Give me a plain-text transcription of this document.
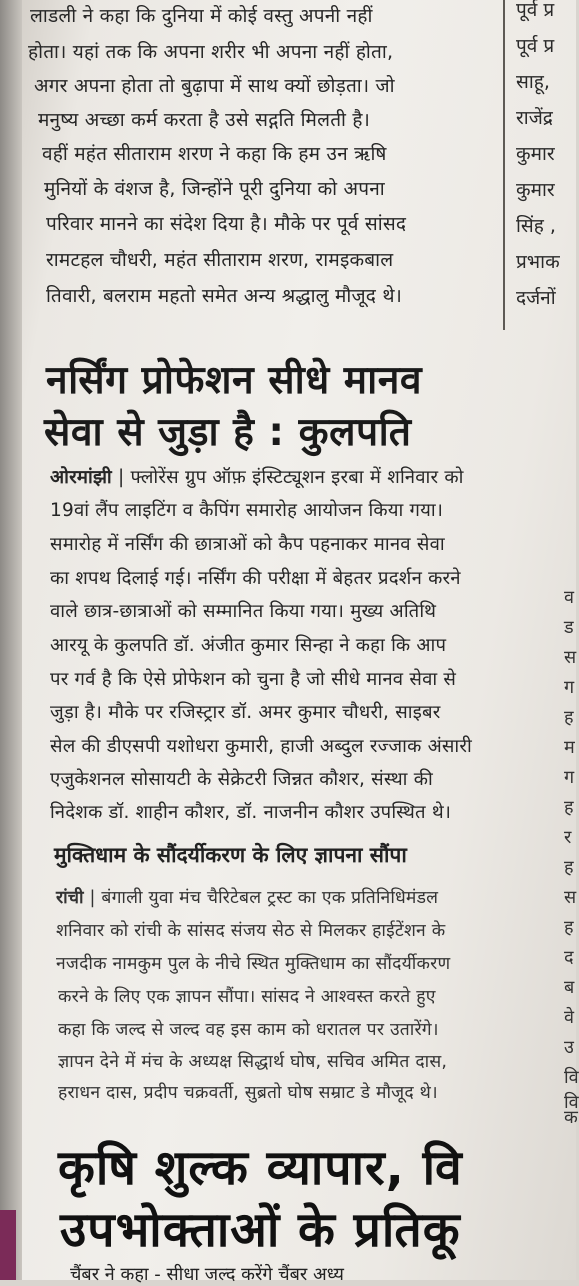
लाडली ने कहा कि दुनिया में कोई वस्तु अपनी नहीं
होता। यहां तक कि अपना शरीर भी अपना नहीं होता,
अगर अपना होता तो बुढ़ापा में साथ क्यों छोड़ता। जो
मनुष्य अच्छा कर्म करता है उसे सद्गति मिलती है।
वहीं महंत सीताराम शरण ने कहा कि हम उन ऋषि
मुनियों के वंशज है, जिन्होंने पूरी दुनिया को अपना
परिवार मानने का संदेश दिया है। मौके पर पूर्व सांसद
रामटहल चौधरी, महंत सीताराम शरण, रामइकबाल
तिवारी, बलराम महतो समेत अन्य श्रद्धालु मौजूद थे।
पूर्व प्र
पूर्व प्र
साहू,
राजेंद्र
कुमार
कुमार
सिंह ,
प्रभाक
दर्जनों
नर्सिंग प्रोफेशन सीधे मानव
सेवा से जुड़ा है : कुलपति
ओरमांझी | फ्लोरेंस ग्रुप ऑफ़ इंस्टिट्यूशन इरबा में शनिवार को
19वां लैंप लाइटिंग व कैपिंग समारोह आयोजन किया गया।
समारोह में नर्सिंग की छात्राओं को कैप पहनाकर मानव सेवा
का शपथ दिलाई गई। नर्सिंग की परीक्षा में बेहतर प्रदर्शन करने
वाले छात्र-छात्राओं को सम्मानित किया गया। मुख्य अतिथि
आरयू के कुलपति डॉ. अंजीत कुमार सिन्हा ने कहा कि आप
पर गर्व है कि ऐसे प्रोफेशन को चुना है जो सीधे मानव सेवा से
जुड़ा है। मौके पर रजिस्ट्रार डॉ. अमर कुमार चौधरी, साइबर
सेल की डीएसपी यशोधरा कुमारी, हाजी अब्दुल रज्जाक अंसारी
एजुकेशनल सोसायटी के सेक्रेटरी जिन्नत कौशर, संस्था की
निदेशक डॉ. शाहीन कौशर, डॉ. नाजनीन कौशर उपस्थित थे।
मुक्तिधाम के सौंदर्यीकरण के लिए ज्ञापना सौंपा
रांची | बंगाली युवा मंच चैरिटेबल ट्रस्ट का एक प्रतिनिधिमंडल
शनिवार को रांची के सांसद संजय सेठ से मिलकर हाईटेंशन के
नजदीक नामकुम पुल के नीचे स्थित मुक्तिधाम का सौंदर्यीकरण
करने के लिए एक ज्ञापन सौंपा। सांसद ने आश्वस्त करते हुए
कहा कि जल्द से जल्द वह इस काम को धरातल पर उतारेंगे।
ज्ञापन देने में मंच के अध्यक्ष सिद्धार्थ घोष, सचिव अमित दास,
हराधन दास, प्रदीप चक्रवर्ती, सुब्रतो घोष सम्राट डे मौजूद थे।
व
ड
स
ग
ह
म
ग
ह
र
ह
स
ह
द
ब
वे
उ
वि
वि
क
कृषि शुल्क व्यापार, वि
उपभोक्ताओं के प्रतिकू
चैंबर ने कहा - सीधा जल्द करेंगे चैंबर अध्य
